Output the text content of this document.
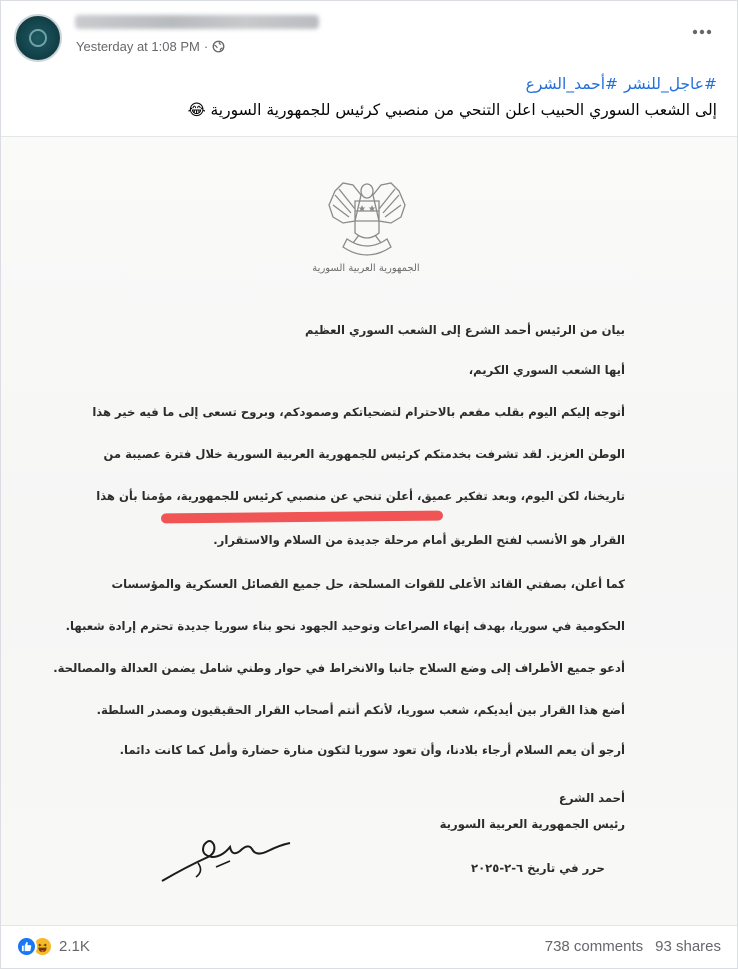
Yesterday at 1:08 PM ·
#عاجل_للنشر#أحمد_الشرع
إلى الشعب السوري الحبيب اعلن التنحي من منصبي كرئيس للجمهورية السورية 😂
الجمهورية العربية السورية
بيان من الرئيس أحمد الشرع إلى الشعب السوري العظيم
أيها الشعب السوري الكريم،
أتوجه إليكم اليوم بقلب مفعم بالاحترام لتضحياتكم وصمودكم، وبروح تسعى إلى ما فيه خير هذا
الوطن العزيز. لقد تشرفت بخدمتكم كرئيس للجمهورية العربية السورية خلال فترة عصيبة من
تاريخنا، لكن اليوم، وبعد تفكير عميق، أعلن تنحي عن منصبي كرئيس للجمهورية، مؤمنا بأن هذا
القرار هو الأنسب لفتح الطريق أمام مرحلة جديدة من السلام والاستقرار.
كما أعلن، بصفتي القائد الأعلى للقوات المسلحة، حل جميع الفصائل العسكرية والمؤسسات
الحكومية في سوريا، بهدف إنهاء الصراعات وتوحيد الجهود نحو بناء سوريا جديدة تحترم إرادة شعبها.
أدعو جميع الأطراف إلى وضع السلاح جانبا والانخراط في حوار وطني شامل يضمن العدالة والمصالحة.
أضع هذا القرار بين أيديكم، شعب سوريا، لأنكم أنتم أصحاب القرار الحقيقيون ومصدر السلطة.
أرجو أن يعم السلام أرجاء بلادنا، وأن تعود سوريا لتكون منارة حضارة وأمل كما كانت دائما.
أحمد الشرع
رئيس الجمهورية العربية السورية
حرر في تاريخ ٦-٢-٢٠٢٥
2.1K	738 comments 93 shares
